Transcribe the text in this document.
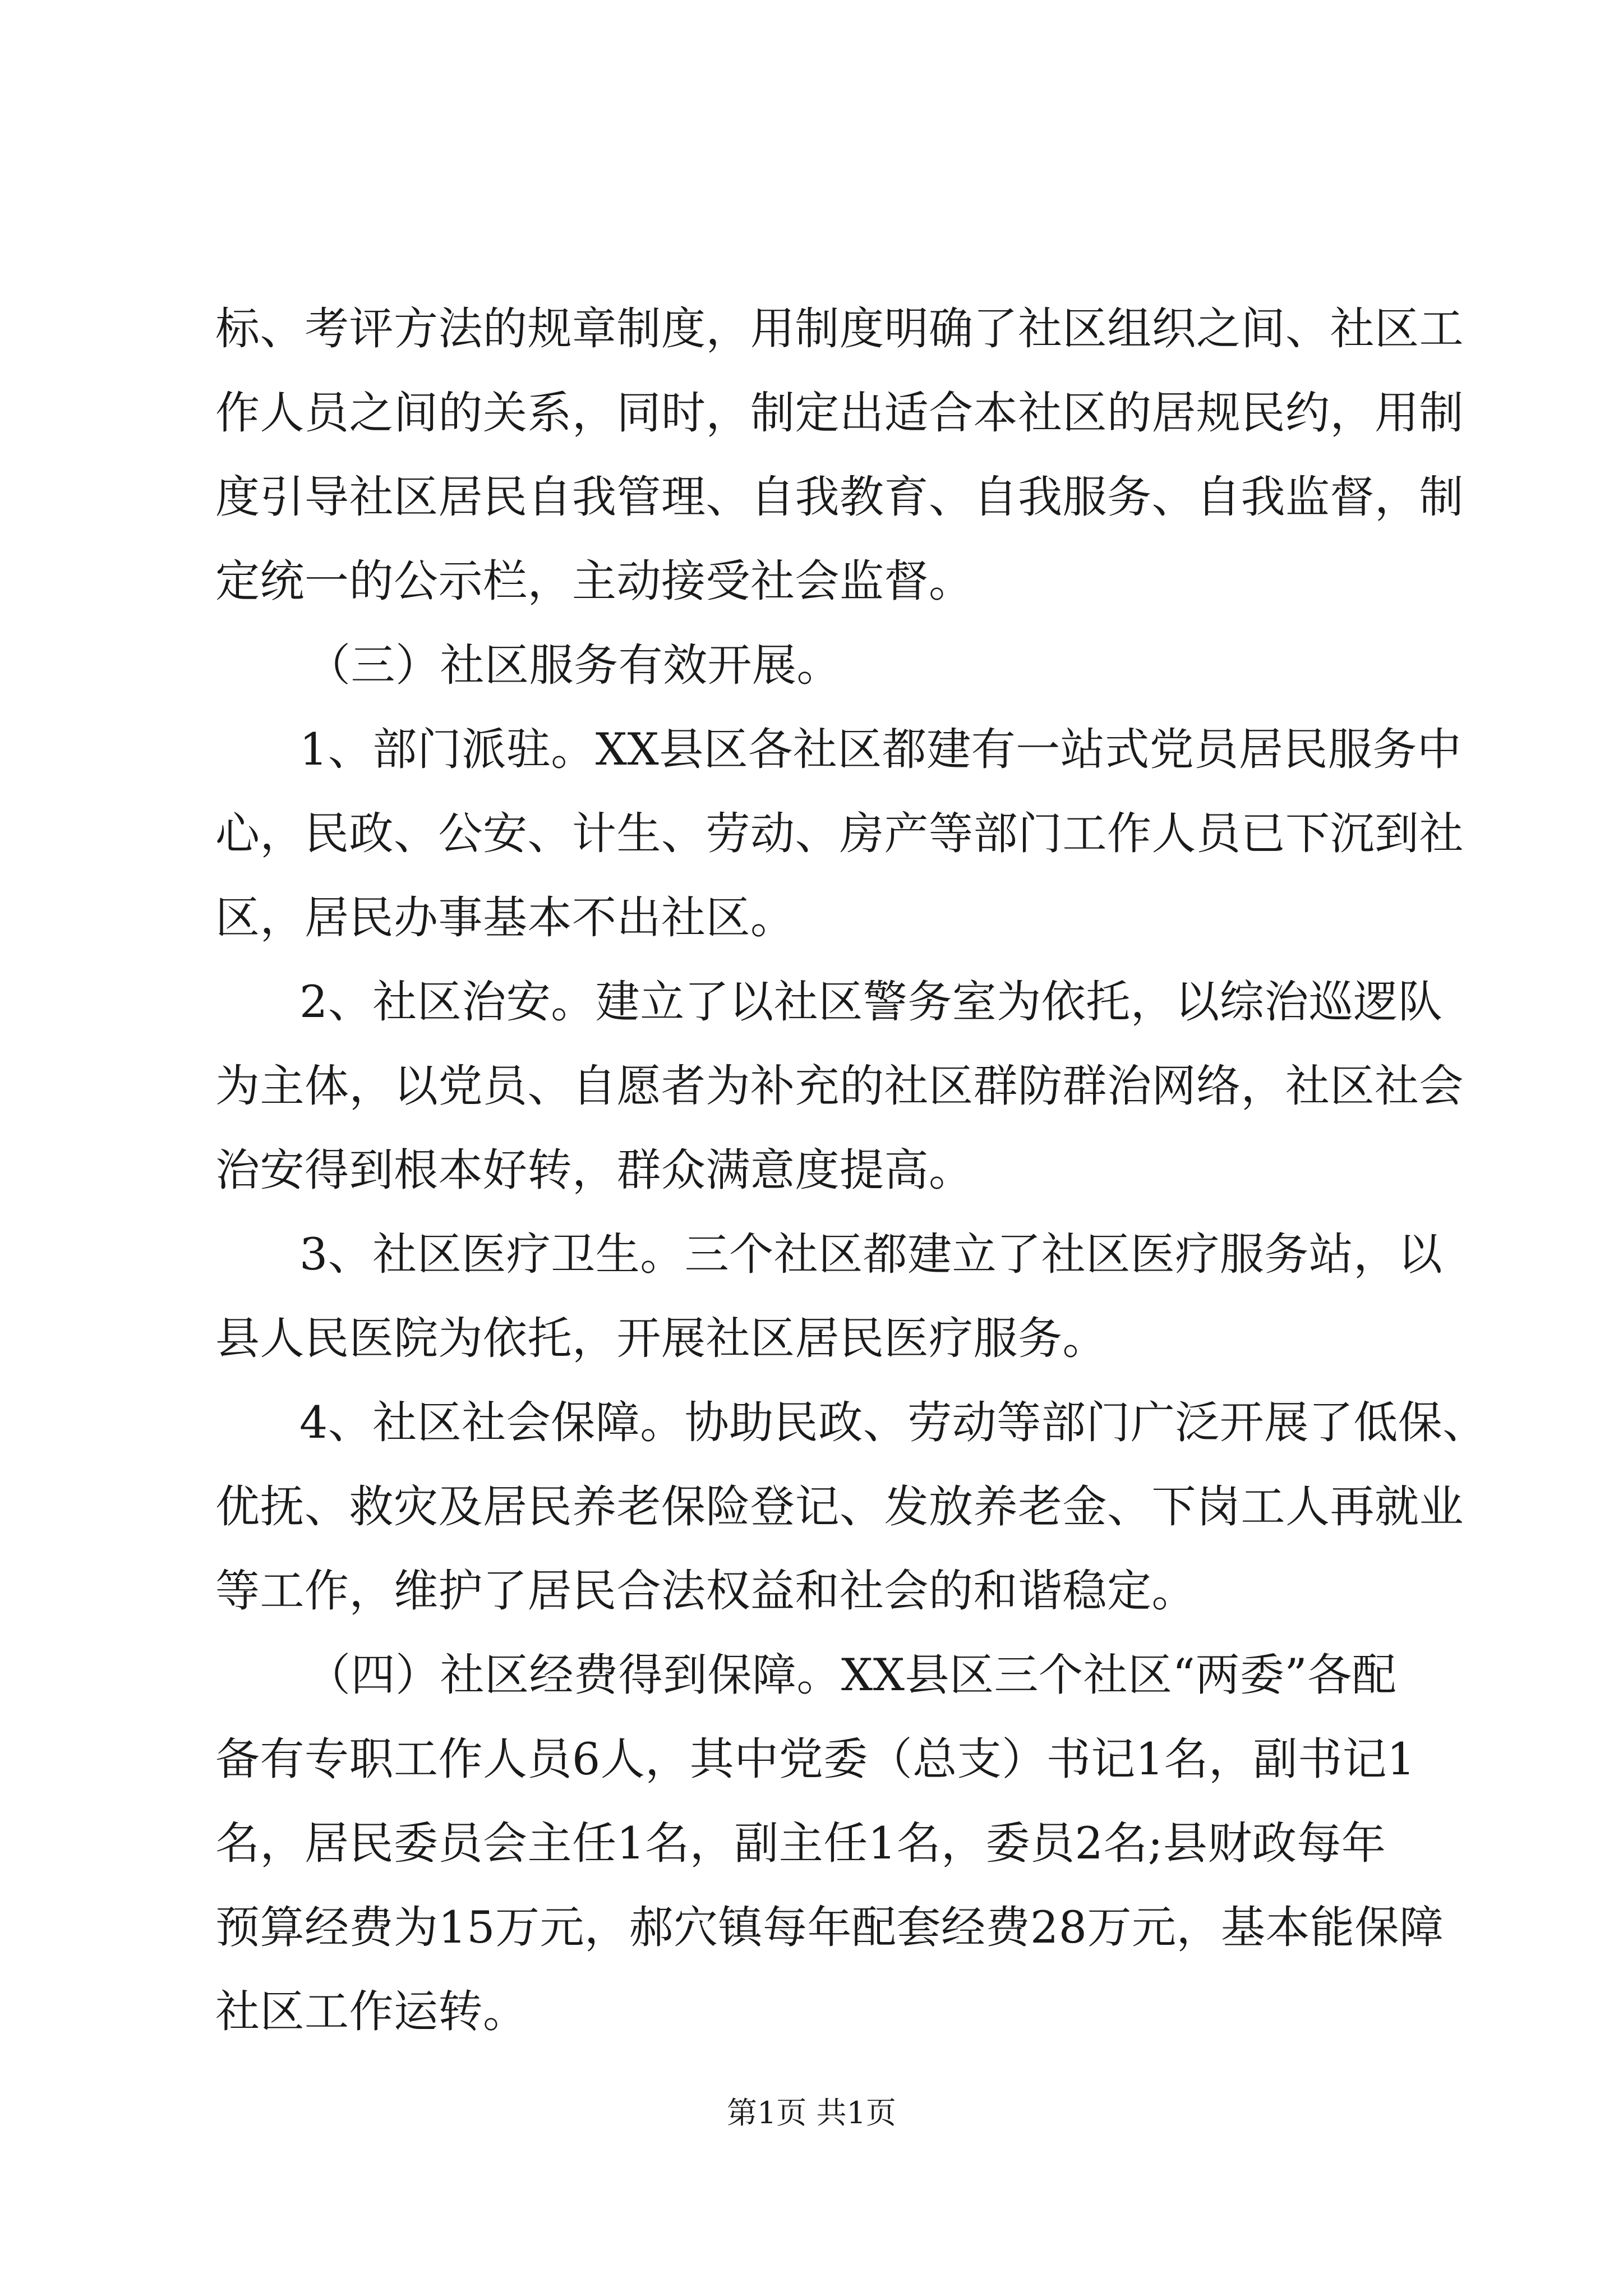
标、考评方法的规章制度，用制度明确了社区组织之间、社区工
作人员之间的关系，同时，制定出适合本社区的居规民约，用制
度引导社区居民自我管理、自我教育、自我服务、自我监督，制
定统一的公示栏，主动接受社会监督。
（三）社区服务有效开展。
1、部门派驻。XX县区各社区都建有一站式党员居民服务中
心，民政、公安、计生、劳动、房产等部门工作人员已下沉到社
区，居民办事基本不出社区。
2、社区治安。建立了以社区警务室为依托，以综治巡逻队
为主体，以党员、自愿者为补充的社区群防群治网络，社区社会
治安得到根本好转，群众满意度提高。
3、社区医疗卫生。三个社区都建立了社区医疗服务站，以
县人民医院为依托，开展社区居民医疗服务。
4、社区社会保障。协助民政、劳动等部门广泛开展了低保、
优抚、救灾及居民养老保险登记、发放养老金、下岗工人再就业
等工作，维护了居民合法权益和社会的和谐稳定。
（四）社区经费得到保障。XX县区三个社区“两委”各配
备有专职工作人员6人，其中党委（总支）书记1名，副书记1
名，居民委员会主任1名，副主任1名，委员2名;县财政每年
预算经费为15万元，郝穴镇每年配套经费28万元，基本能保障
社区工作运转。
第1页 共1页
